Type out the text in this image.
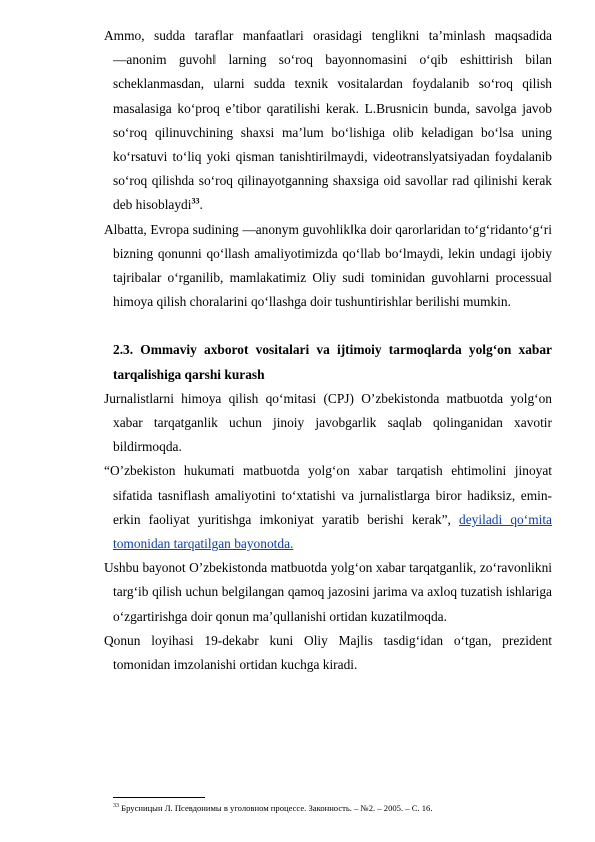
Ammo, sudda taraflar manfaatlari orasidagi tenglikni ta’minlash maqsadida ―anonim guvoh‖ larning so‘roq bayonnomasini o‘qib eshittirish bilan scheklanmasdan, ularni sudda texnik vositalardan foydalanib so‘roq qilish masalasiga ko‘proq e’tibor qaratilishi kerak. L.Brusnicin bunda, savolga javob so‘roq qilinuvchining shaxsi ma’lum bo‘lishiga olib keladigan bo‘lsa uning ko‘rsatuvi to‘liq yoki qisman tanishtirilmaydi, videotranslyatsiyadan foydalanib so‘roq qilishda so‘roq qilinayotganning shaxsiga oid savollar rad qilinishi kerak deb hisoblaydi$^{33}$.

Albatta, Evropa sudining ―anonym guvohlik‖ka doir qarorlaridan to‘g‘ridanto‘g‘ri bizning qonunni qo‘llash amaliyotimizda qo‘llab bo‘lmaydi, lekin undagi ijobiy tajribalar o‘rganilib, mamlakatimiz Oliy sudi tominidan guvohlarni processual himoya qilish choralarini qo‘llashga doir tushuntirishlar berilishi mumkin.

2.3. Ommaviy axborot vositalari va ijtimoiy tarmoqlarda yolg‘on xabar tarqalishiga qarshi kurash

Jurnalistlarni himoya qilish qo‘mitasi (CPJ) O’zbekistonda matbuotda yolg‘on xabar tarqatganlik uchun jinoiy javobgarlik saqlab qolinganidan xavotir bildirmoqda.

“O’zbekiston hukumati matbuotda yolg‘on xabar tarqatish ehtimolini jinoyat sifatida tasniflash amaliyotini to‘xtatishi va jurnalistlarga biror hadiksiz, emin-erkin faoliyat yuritishga imkoniyat yaratib berishi kerak”, deyiladi qo‘mita tomonidan tarqatilgan bayonotda.

Ushbu bayonot O’zbekistonda matbuotda yolg‘on xabar tarqatganlik, zo‘ravonlikni targ‘ib qilish uchun belgilangan qamoq jazosini jarima va axloq tuzatish ishlariga o‘zgartirishga doir qonun ma’qullanishi ortidan kuzatilmoqda.

Qonun loyihasi 19-dekabr kuni Oliy Majlis tasdig‘idan o‘tgan, prezident tomonidan imzolanishi ortidan kuchga kiradi.

$^{33}$ Брусницын Л. Псевдонимы в уголовном процессе. Законность. – №2. – 2005. – С. 16.
